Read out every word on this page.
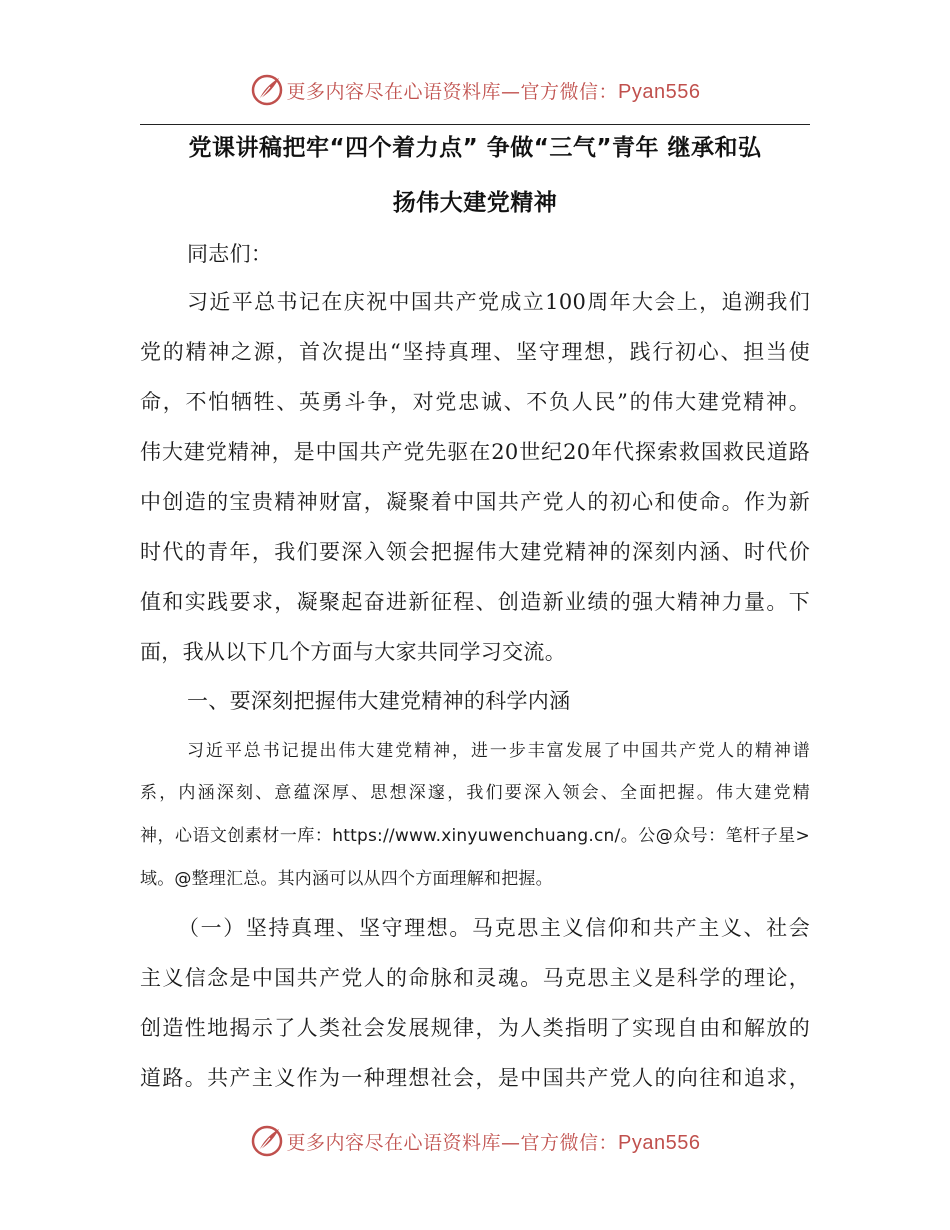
更多内容尽在心语资料库—官方微信：Pyan556
党课讲稿把牢“四个着力点” 争做“三气”青年 继承和弘
扬伟大建党精神
同志们：
习近平总书记在庆祝中国共产党成立100周年大会上，追溯我们
党的精神之源，首次提出“坚持真理、坚守理想，践行初心、担当使
命，不怕牺牲、英勇斗争，对党忠诚、不负人民”的伟大建党精神。
伟大建党精神，是中国共产党先驱在20世纪20年代探索救国救民道路
中创造的宝贵精神财富，凝聚着中国共产党人的初心和使命。作为新
时代的青年，我们要深入领会把握伟大建党精神的深刻内涵、时代价
值和实践要求，凝聚起奋进新征程、创造新业绩的强大精神力量。下
面，我从以下几个方面与大家共同学习交流。
一、要深刻把握伟大建党精神的科学内涵
习近平总书记提出伟大建党精神，进一步丰富发展了中国共产党人的精神谱
系，内涵深刻、意蕴深厚、思想深邃，我们要深入领会、全面把握。伟大建党精
神，心语文创素材一库：https://www.xinyuwenchuang.cn/。公@众号：笔杆子星>
域。@整理汇总。其内涵可以从四个方面理解和把握。
（一）坚持真理、坚守理想。马克思主义信仰和共产主义、社会
主义信念是中国共产党人的命脉和灵魂。马克思主义是科学的理论，
创造性地揭示了人类社会发展规律，为人类指明了实现自由和解放的
道路。共产主义作为一种理想社会，是中国共产党人的向往和追求，
更多内容尽在心语资料库—官方微信：Pyan556
